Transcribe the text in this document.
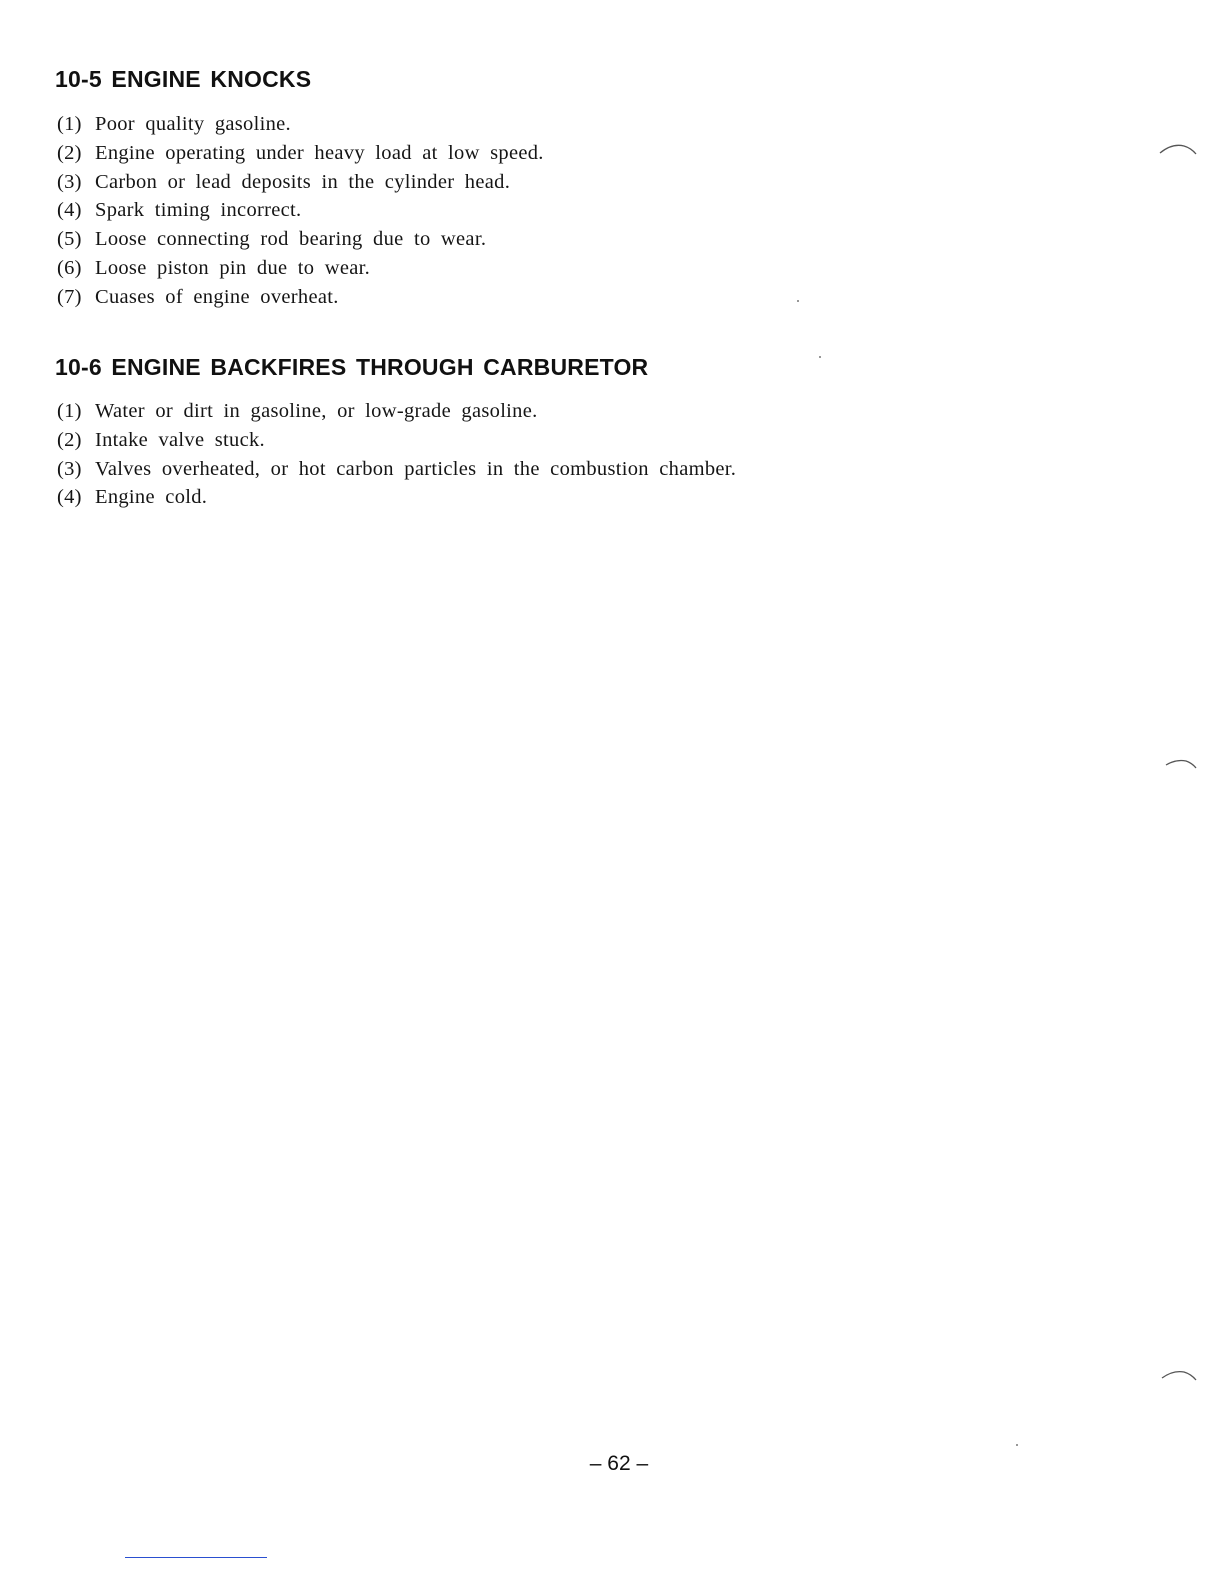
10-5 ENGINE KNOCKS
(1) Poor quality gasoline.
(2) Engine operating under heavy load at low speed.
(3) Carbon or lead deposits in the cylinder head.
(4) Spark timing incorrect.
(5) Loose connecting rod bearing due to wear.
(6) Loose piston pin due to wear.
(7) Cuases of engine overheat.
10-6 ENGINE BACKFIRES THROUGH CARBURETOR
(1) Water or dirt in gasoline, or low-grade gasoline.
(2) Intake valve stuck.
(3) Valves overheated, or hot carbon particles in the combustion chamber.
(4) Engine cold.
– 62 –
